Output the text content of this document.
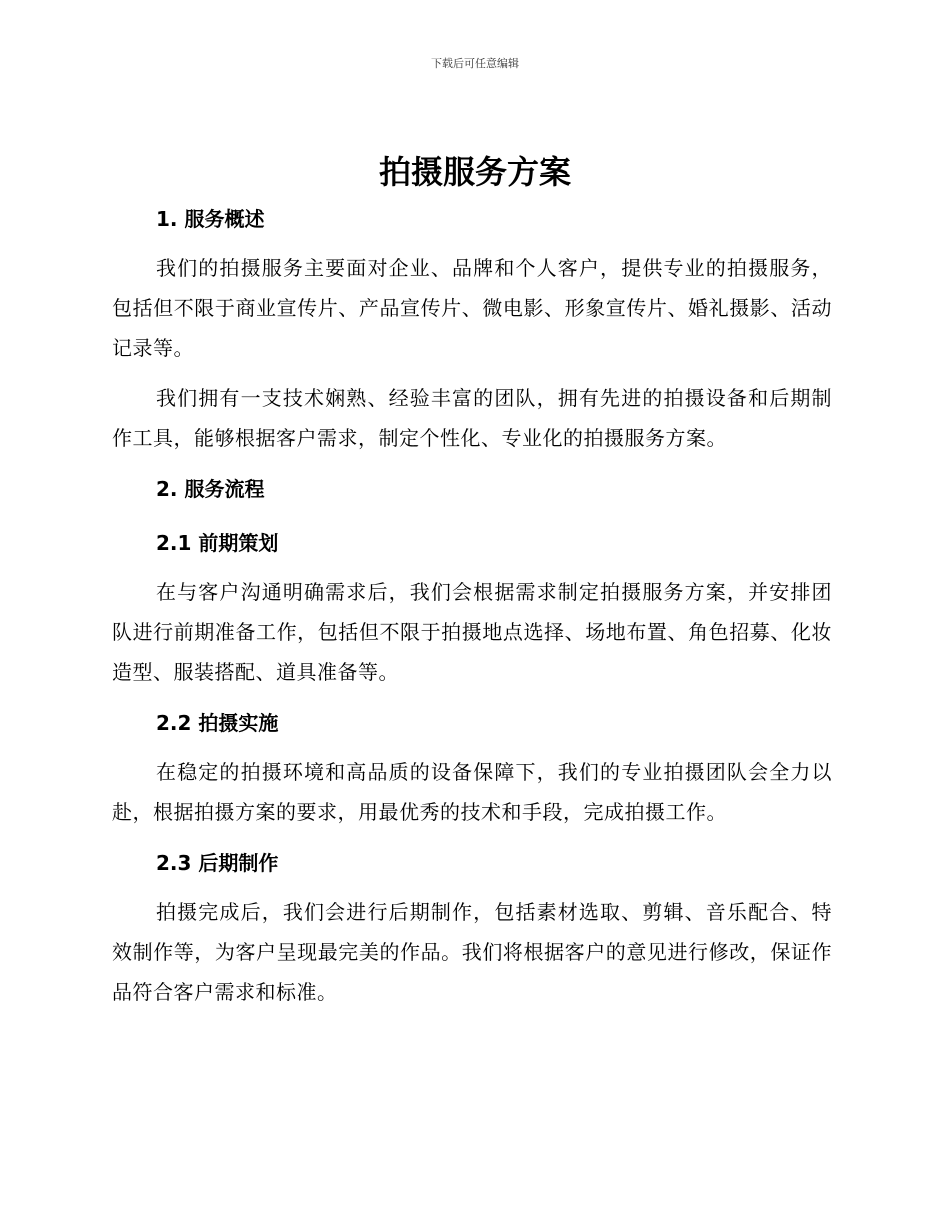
下载后可任意编辑
拍摄服务方案
1. 服务概述

我们的拍摄服务主要面对企业、品牌和个人客户，提供专业的拍摄服务，包括但不限于商业宣传片、产品宣传片、微电影、形象宣传片、婚礼摄影、活动记录等。

我们拥有一支技术娴熟、经验丰富的团队，拥有先进的拍摄设备和后期制作工具，能够根据客户需求，制定个性化、专业化的拍摄服务方案。

2. 服务流程
2.1 前期策划

在与客户沟通明确需求后，我们会根据需求制定拍摄服务方案，并安排团队进行前期准备工作，包括但不限于拍摄地点选择、场地布置、角色招募、化妆造型、服装搭配、道具准备等。

2.2 拍摄实施

在稳定的拍摄环境和高品质的设备保障下，我们的专业拍摄团队会全力以赴，根据拍摄方案的要求，用最优秀的技术和手段，完成拍摄工作。

2.3 后期制作

拍摄完成后，我们会进行后期制作，包括素材选取、剪辑、音乐配合、特效制作等，为客户呈现最完美的作品。我们将根据客户的意见进行修改，保证作品符合客户需求和标准。
